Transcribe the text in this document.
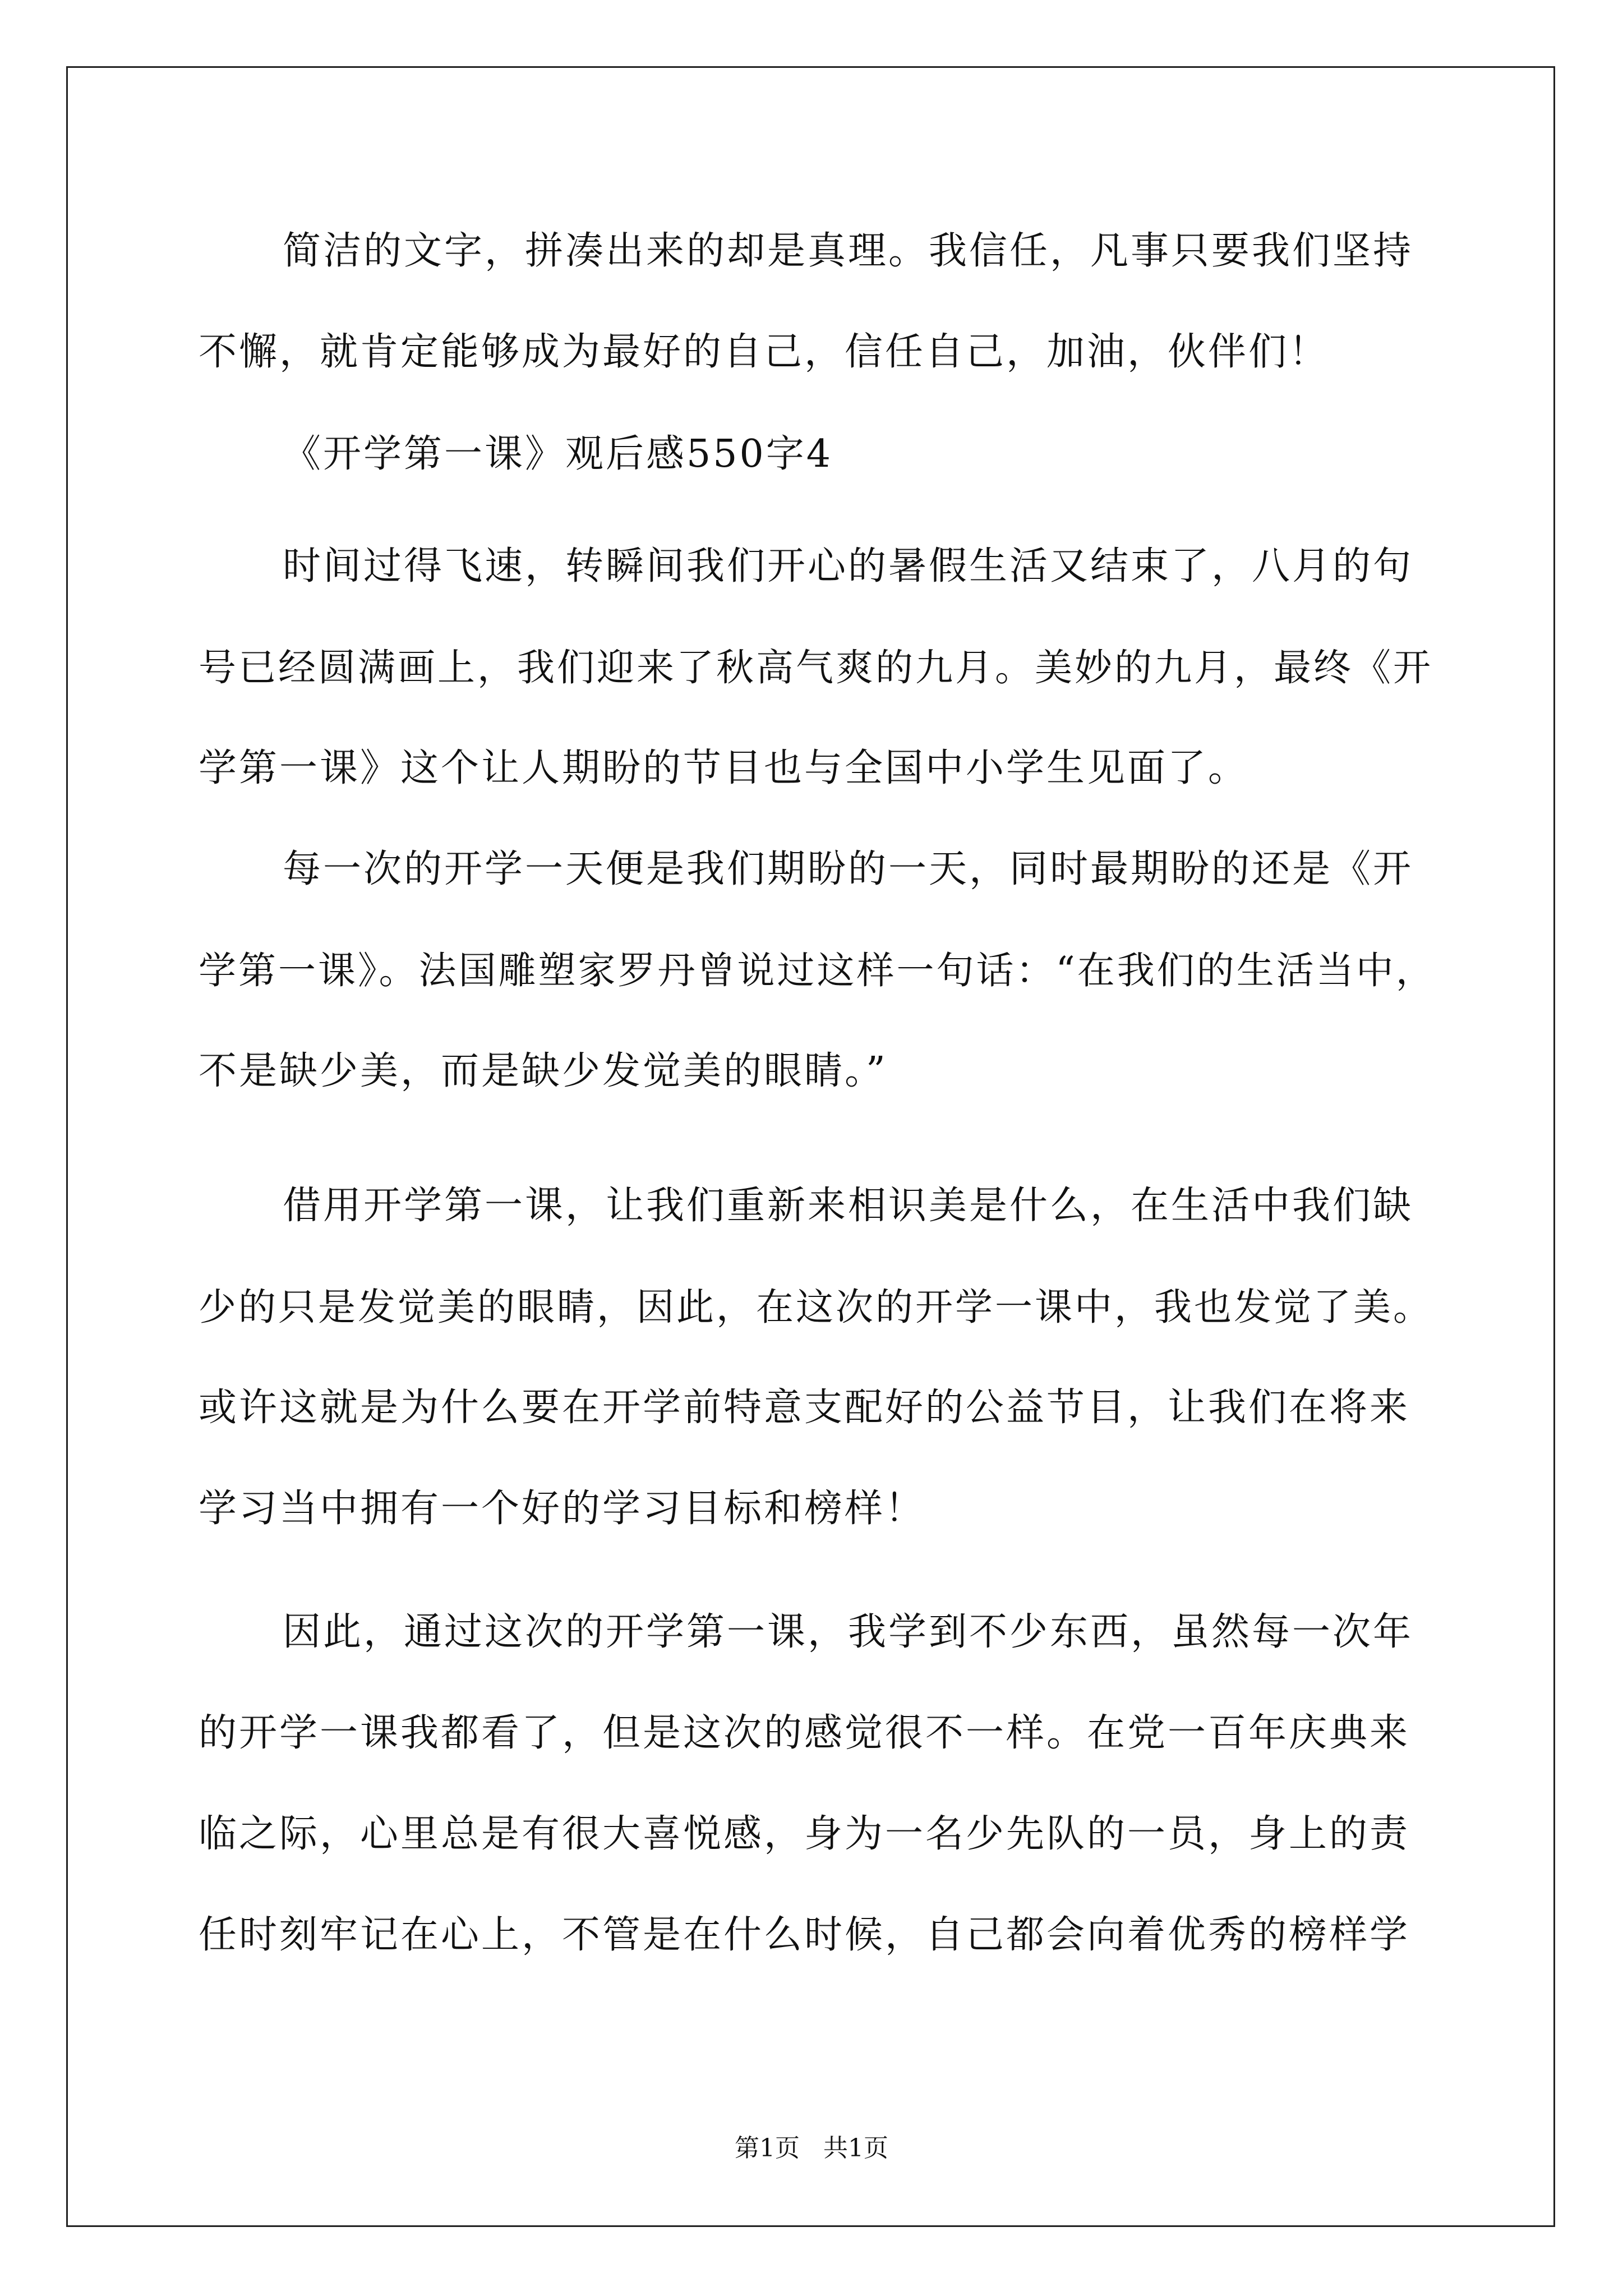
简洁的文字，拼凑出来的却是真理。我信任，凡事只要我们坚持
不懈，就肯定能够成为最好的自己，信任自己，加油，伙伴们！
《开学第一课》观后感550字4
时间过得飞速，转瞬间我们开心的暑假生活又结束了，八月的句
号已经圆满画上，我们迎来了秋高气爽的九月。美妙的九月，最终《开
学第一课》这个让人期盼的节目也与全国中小学生见面了。
每一次的开学一天便是我们期盼的一天，同时最期盼的还是《开
学第一课》。法国雕塑家罗丹曾说过这样一句话：“在我们的生活当中，
不是缺少美，而是缺少发觉美的眼睛。”
借用开学第一课，让我们重新来相识美是什么，在生活中我们缺
少的只是发觉美的眼睛，因此，在这次的开学一课中，我也发觉了美。
或许这就是为什么要在开学前特意支配好的公益节目，让我们在将来
学习当中拥有一个好的学习目标和榜样！
因此，通过这次的开学第一课，我学到不少东西，虽然每一次年
的开学一课我都看了，但是这次的感觉很不一样。在党一百年庆典来
临之际，心里总是有很大喜悦感，身为一名少先队的一员，身上的责
任时刻牢记在心上，不管是在什么时候，自己都会向着优秀的榜样学
第1页   共1页
